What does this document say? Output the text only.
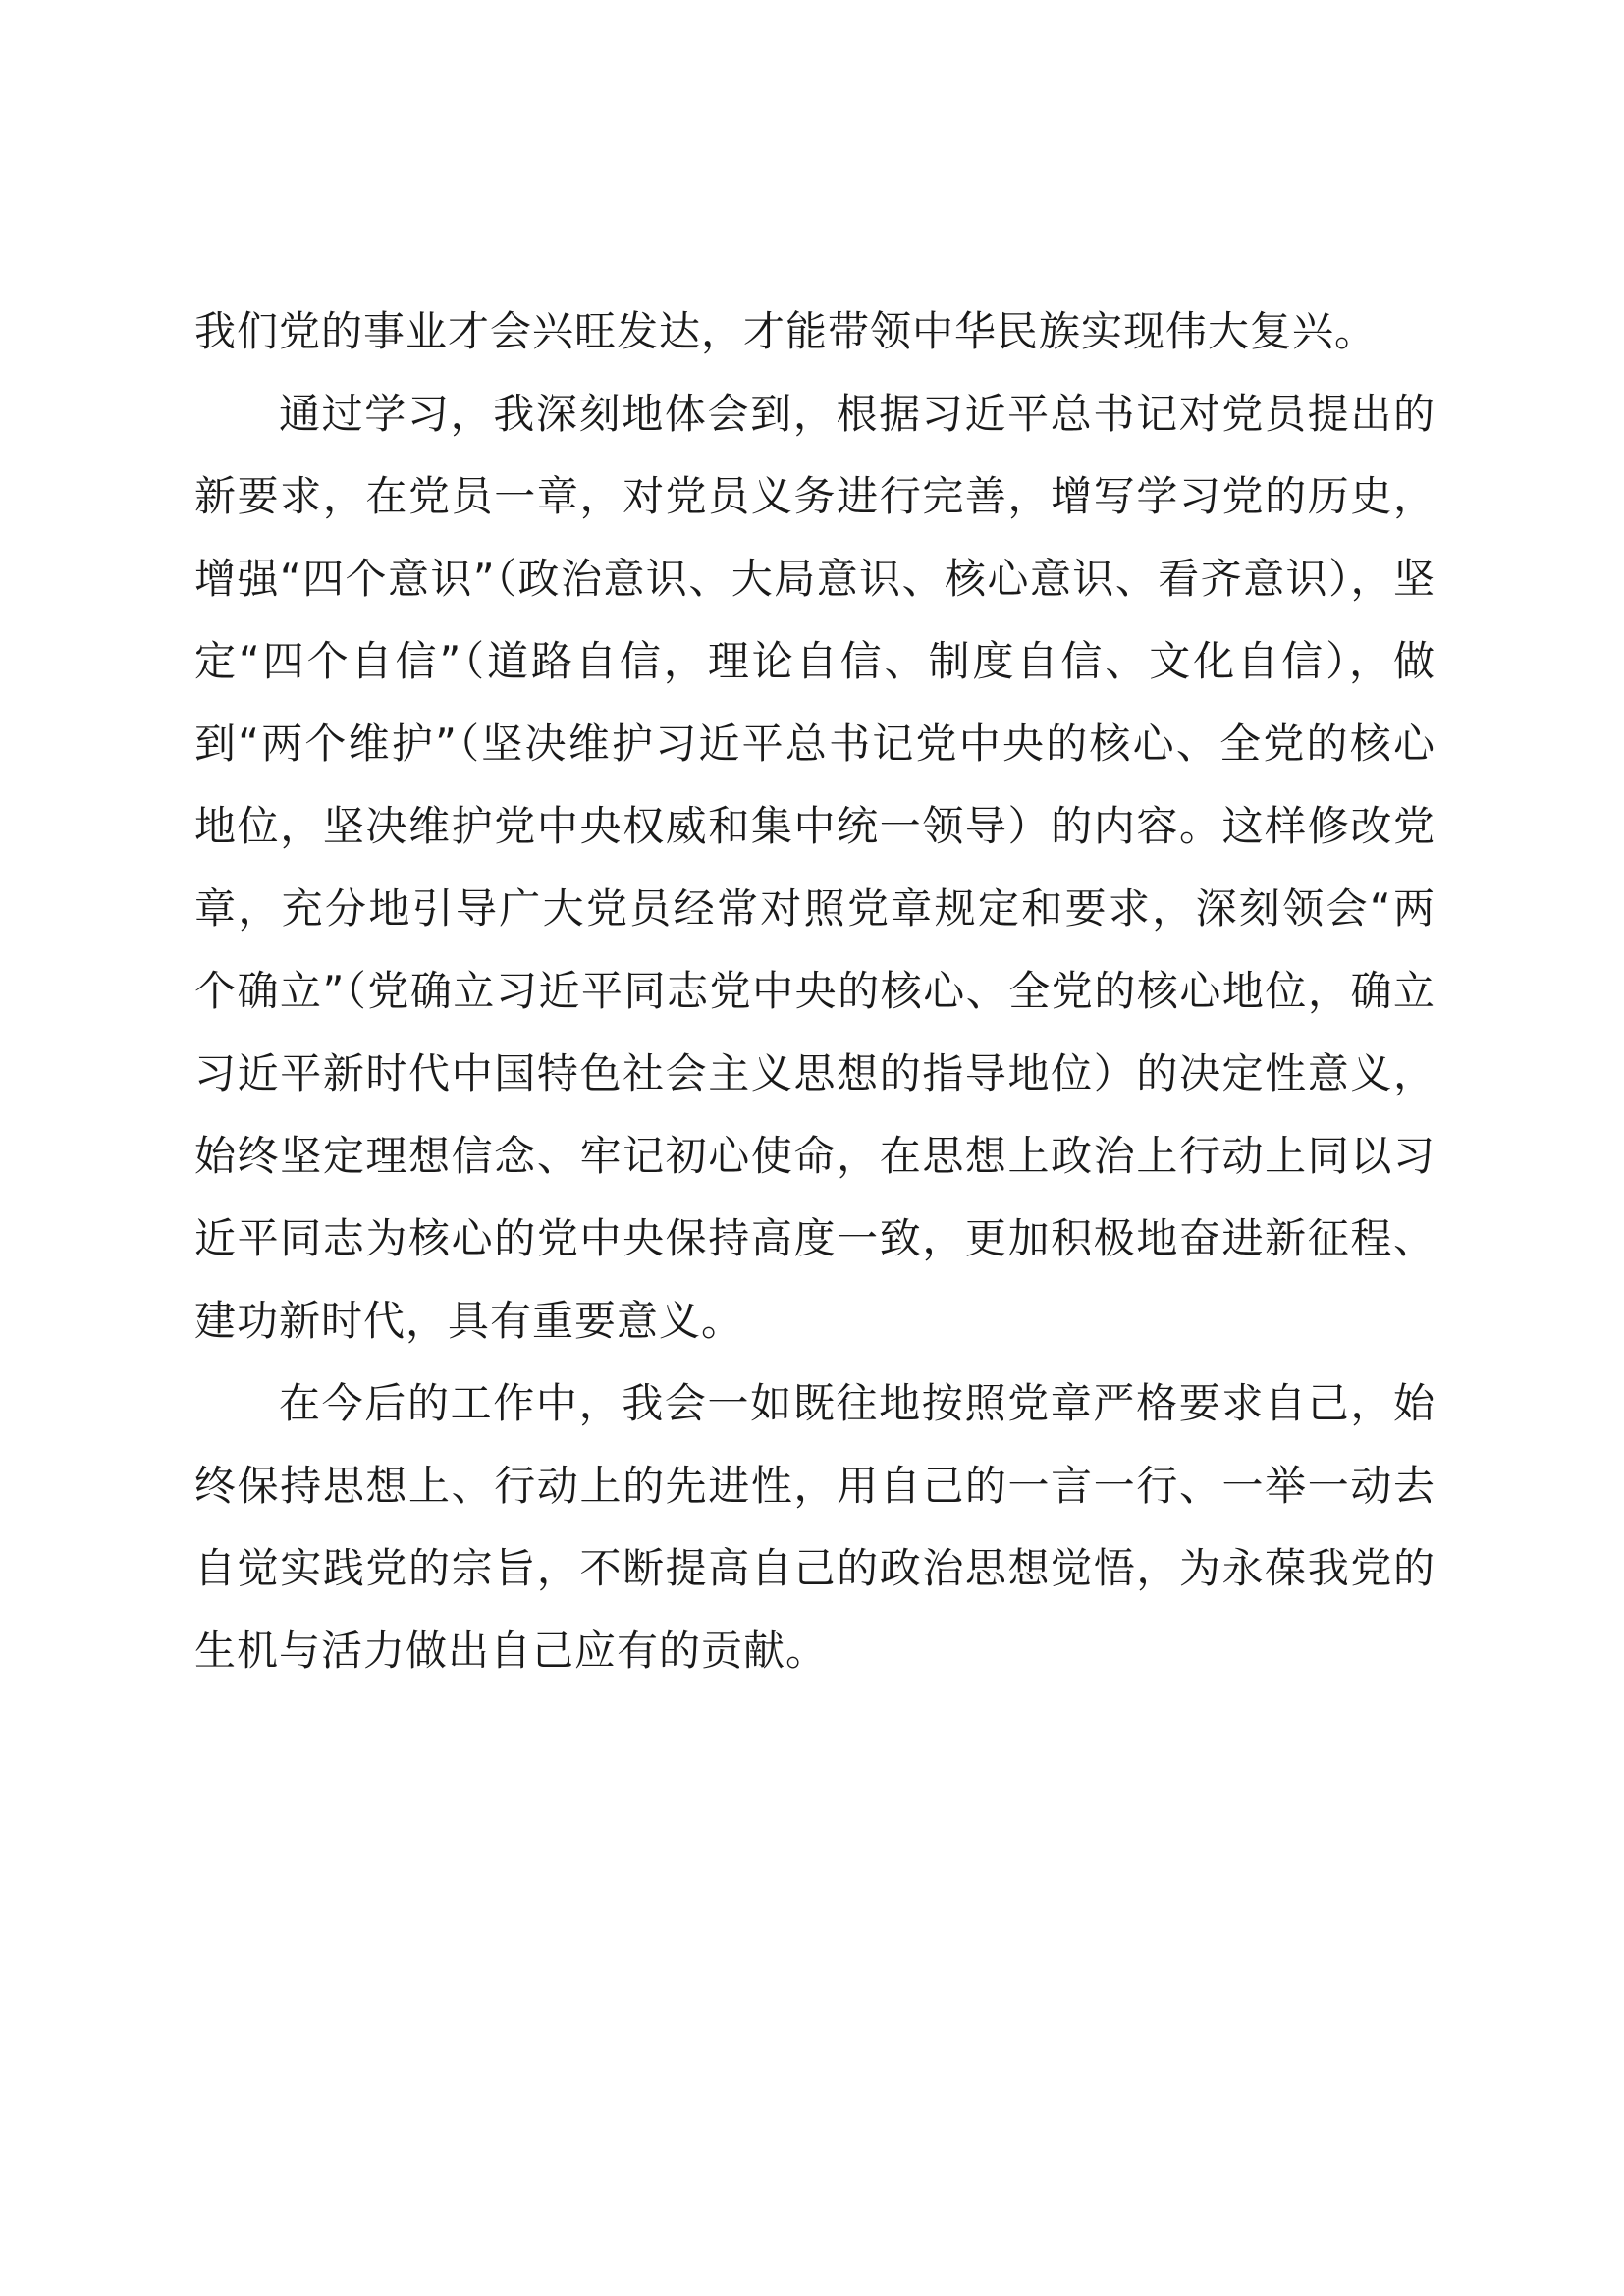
我们党的事业才会兴旺发达，才能带领中华民族实现伟大复兴。

通过学习，我深刻地体会到，根据习近平总书记对党员提出的新要求，在党员一章，对党员义务进行完善，增写学习党的历史，增强“四个意识”（政治意识、大局意识、核心意识、看齐意识），坚定“四个自信”（道路自信，理论自信、制度自信、文化自信），做到“两个维护”（坚决维护习近平总书记党中央的核心、全党的核心地位，坚决维护党中央权威和集中统一领导）的内容。这样修改党章，充分地引导广大党员经常对照党章规定和要求，深刻领会“两个确立”（党确立习近平同志党中央的核心、全党的核心地位，确立习近平新时代中国特色社会主义思想的指导地位）的决定性意义，始终坚定理想信念、牢记初心使命，在思想上政治上行动上同以习近平同志为核心的党中央保持高度一致，更加积极地奋进新征程、建功新时代，具有重要意义。

在今后的工作中，我会一如既往地按照党章严格要求自己，始终保持思想上、行动上的先进性，用自己的一言一行、一举一动去自觉实践党的宗旨，不断提高自己的政治思想觉悟，为永葆我党的生机与活力做出自己应有的贡献。
